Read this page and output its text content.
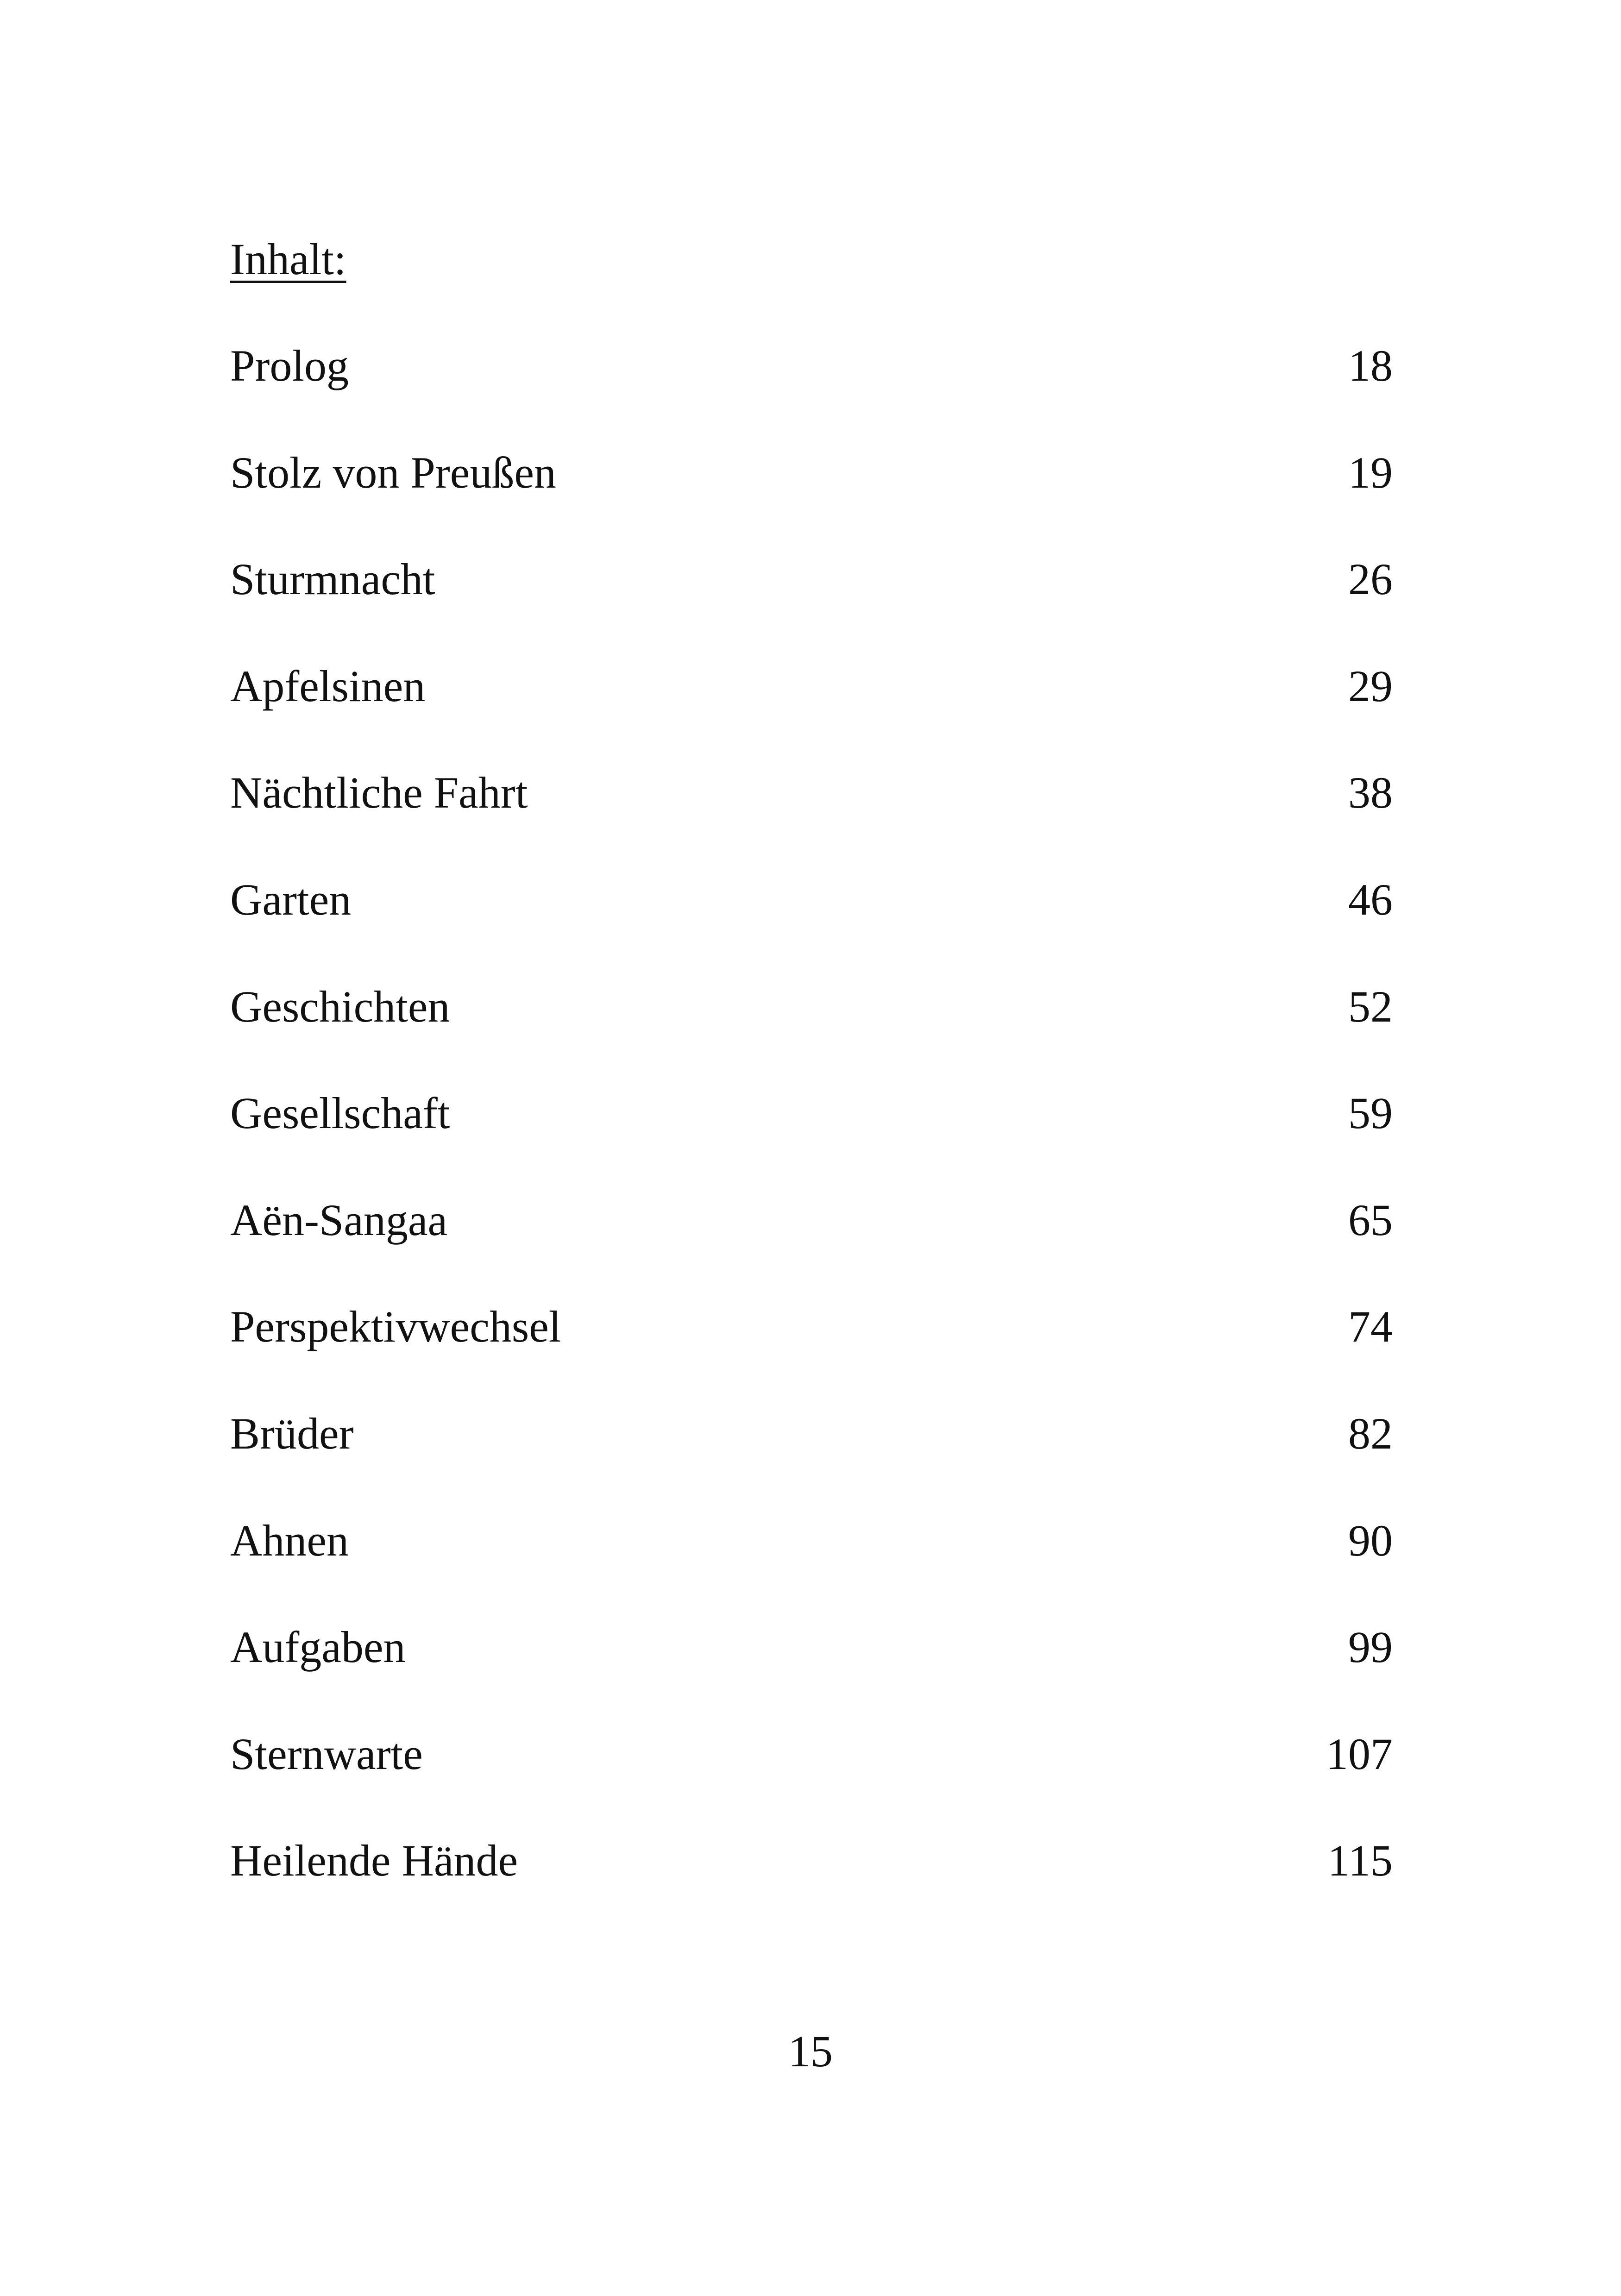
Inhalt:
Prolog	18
Stolz von Preußen	19
Sturmnacht	26
Apfelsinen	29
Nächtliche Fahrt	38
Garten	46
Geschichten	52
Gesellschaft	59
Aën-Sangaa	65
Perspektivwechsel	74
Brüder	82
Ahnen	90
Aufgaben	99
Sternwarte	107
Heilende Hände	115
15
